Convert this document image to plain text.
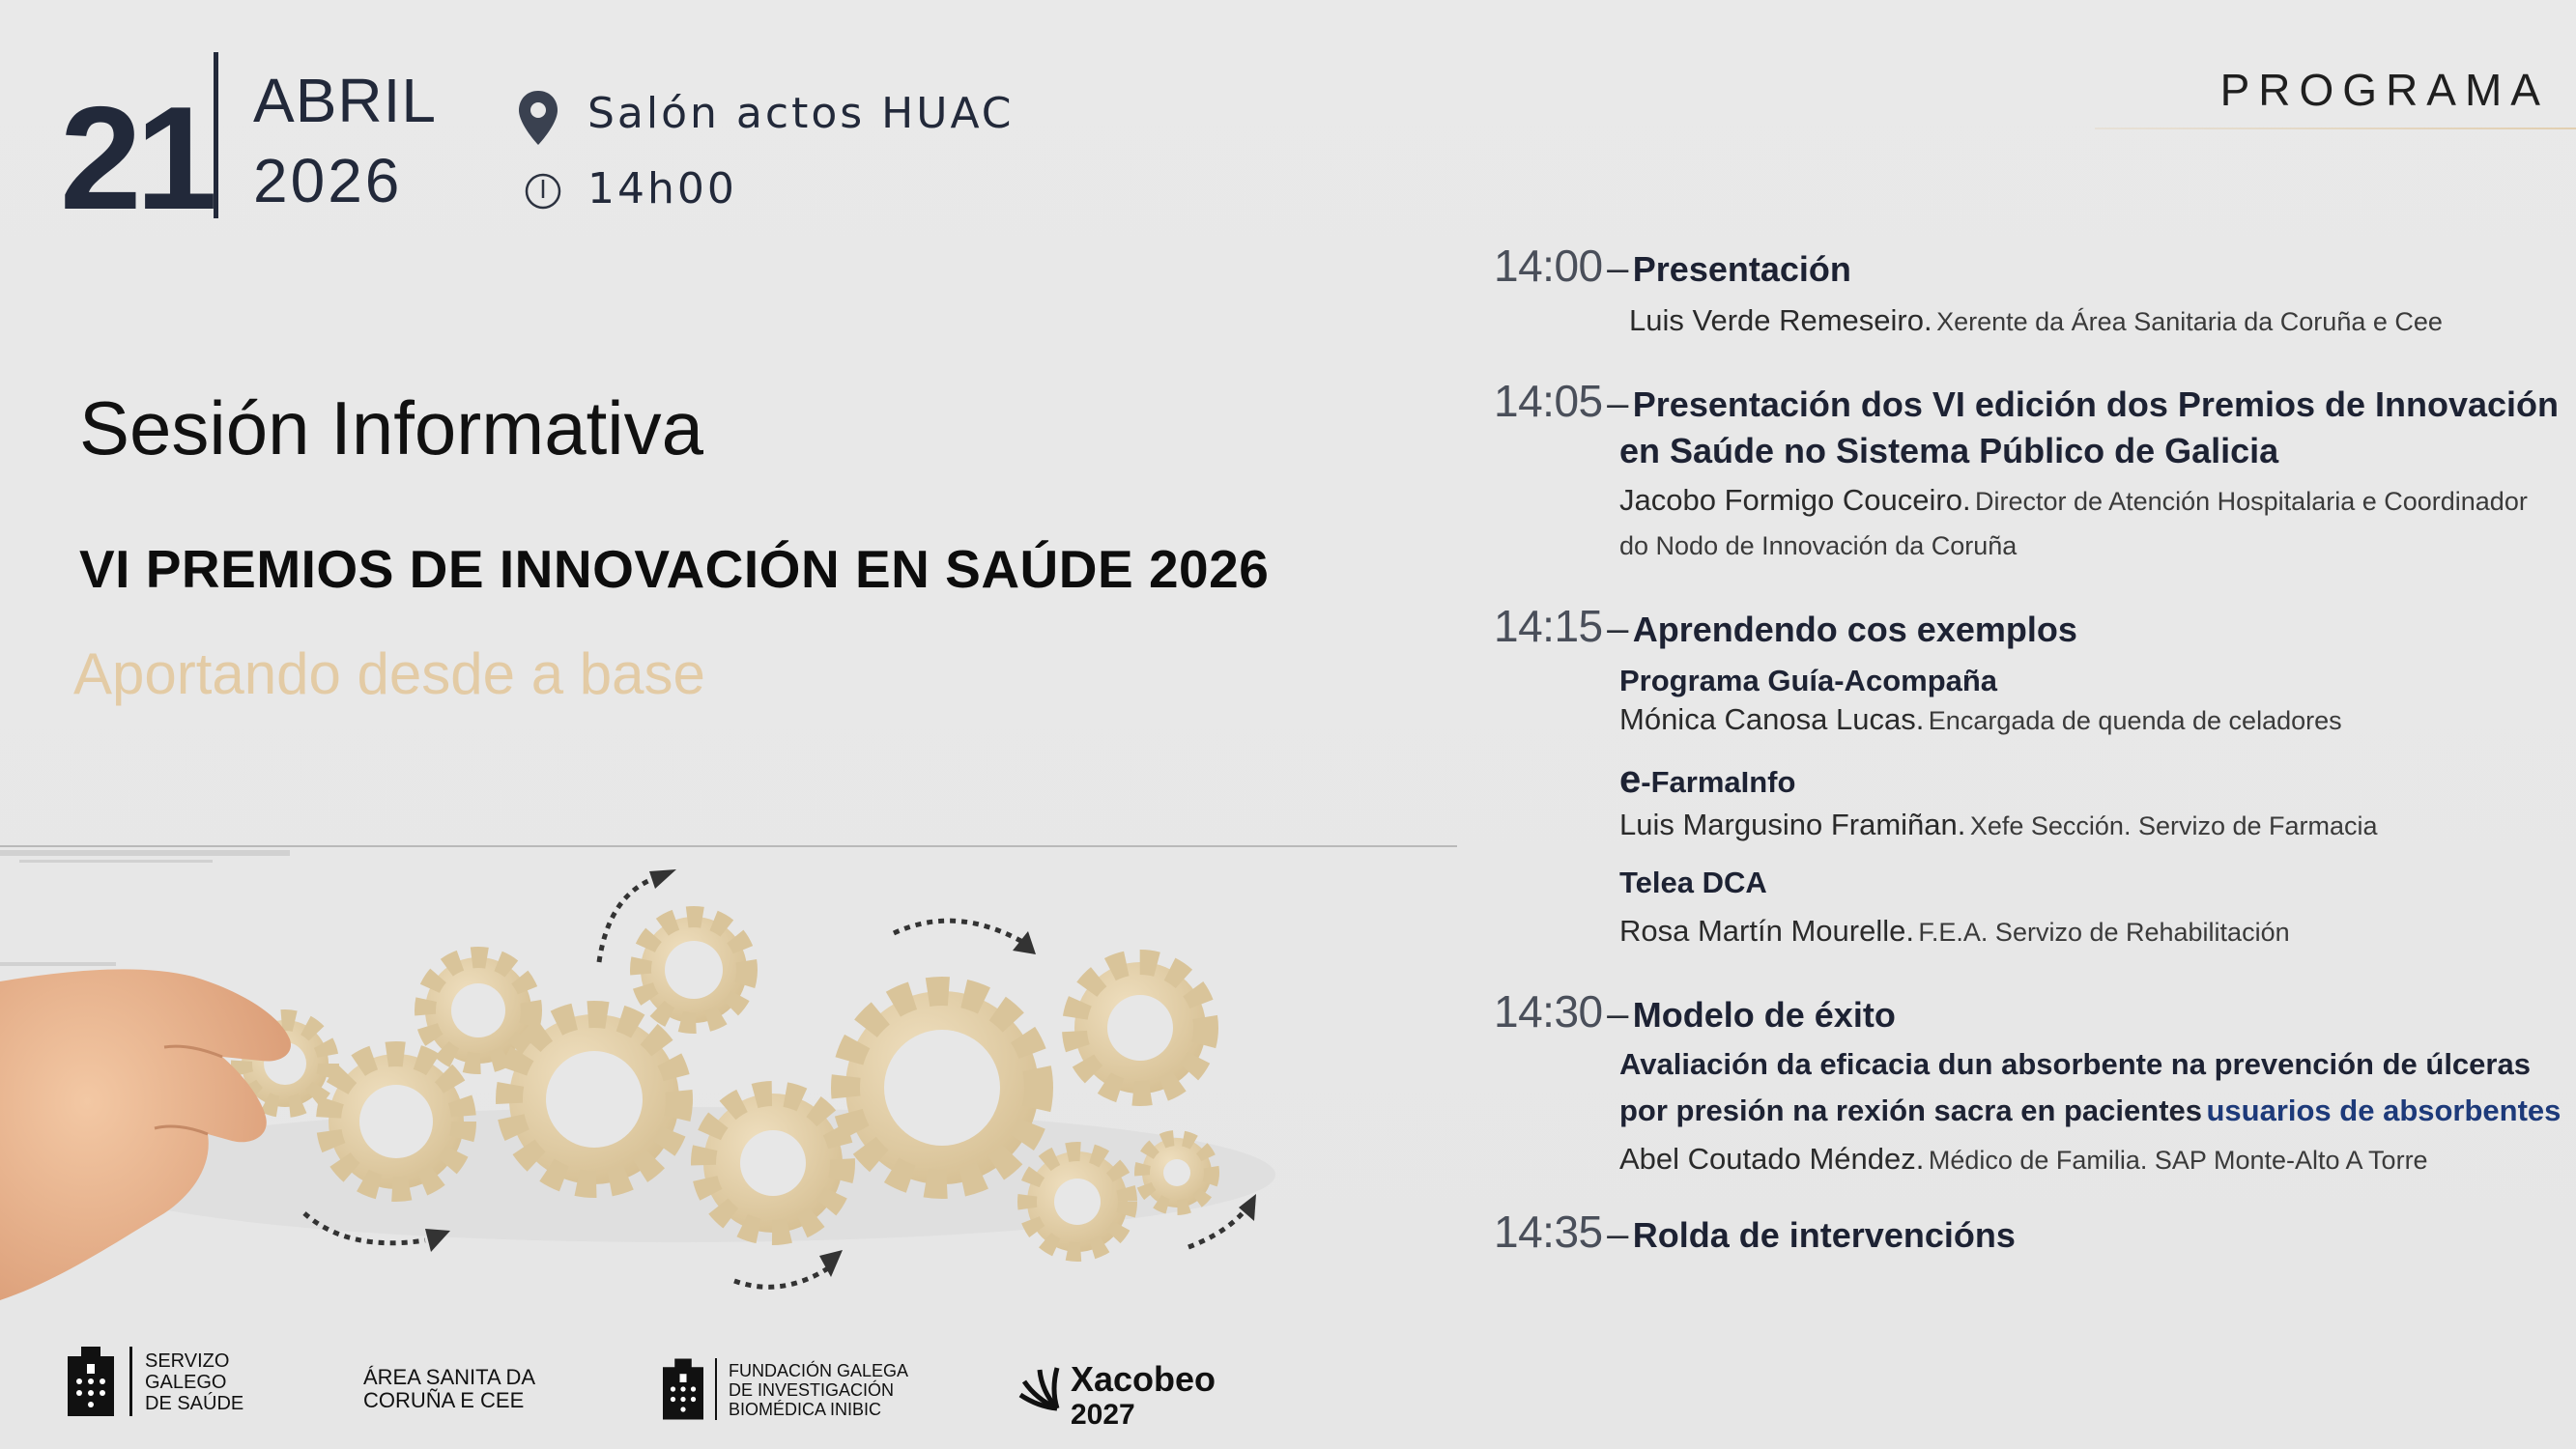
21 ABRIL
2026
Salón actos HUAC
14h00
PROGRAMA
Sesión Informativa
VI PREMIOS DE INNOVACIÓN EN SAÚDE 2026
Aportando desde a base
SERVIZO
GALEGO
DE SAÚDE
ÁREA SANITA DA
CORUÑA E CEE
FUNDACIÓN GALEGA
DE INVESTIGACIÓN
BIOMÉDICA INIBIC
Xacobeo
2027
14:00 – Presentación
Luis Verde Remeseiro. Xerente da Área Sanitaria da Coruña e Cee
14:05 – Presentación dos VI edición dos Premios de Innovación
en Saúde no Sistema Público de Galicia
Jacobo Formigo Couceiro. Director de Atención Hospitalaria e Coordinador
do Nodo de Innovación da Coruña
14:15 – Aprendendo cos exemplos
Programa Guía-Acompaña
Mónica Canosa Lucas. Encargada de quenda de celadores
e-FarmaInfo
Luis Margusino Framiñan. Xefe Sección. Servizo de Farmacia
Telea DCA
Rosa Martín Mourelle. F.E.A. Servizo de Rehabilitación
14:30 – Modelo de éxito
Avaliación da eficacia dun absorbente na prevención de úlceras
por presión na rexión sacra en pacientes usuarios de absorbentes
Abel Coutado Méndez. Médico de Familia. SAP Monte-Alto A Torre
14:35 – Rolda de intervencións
